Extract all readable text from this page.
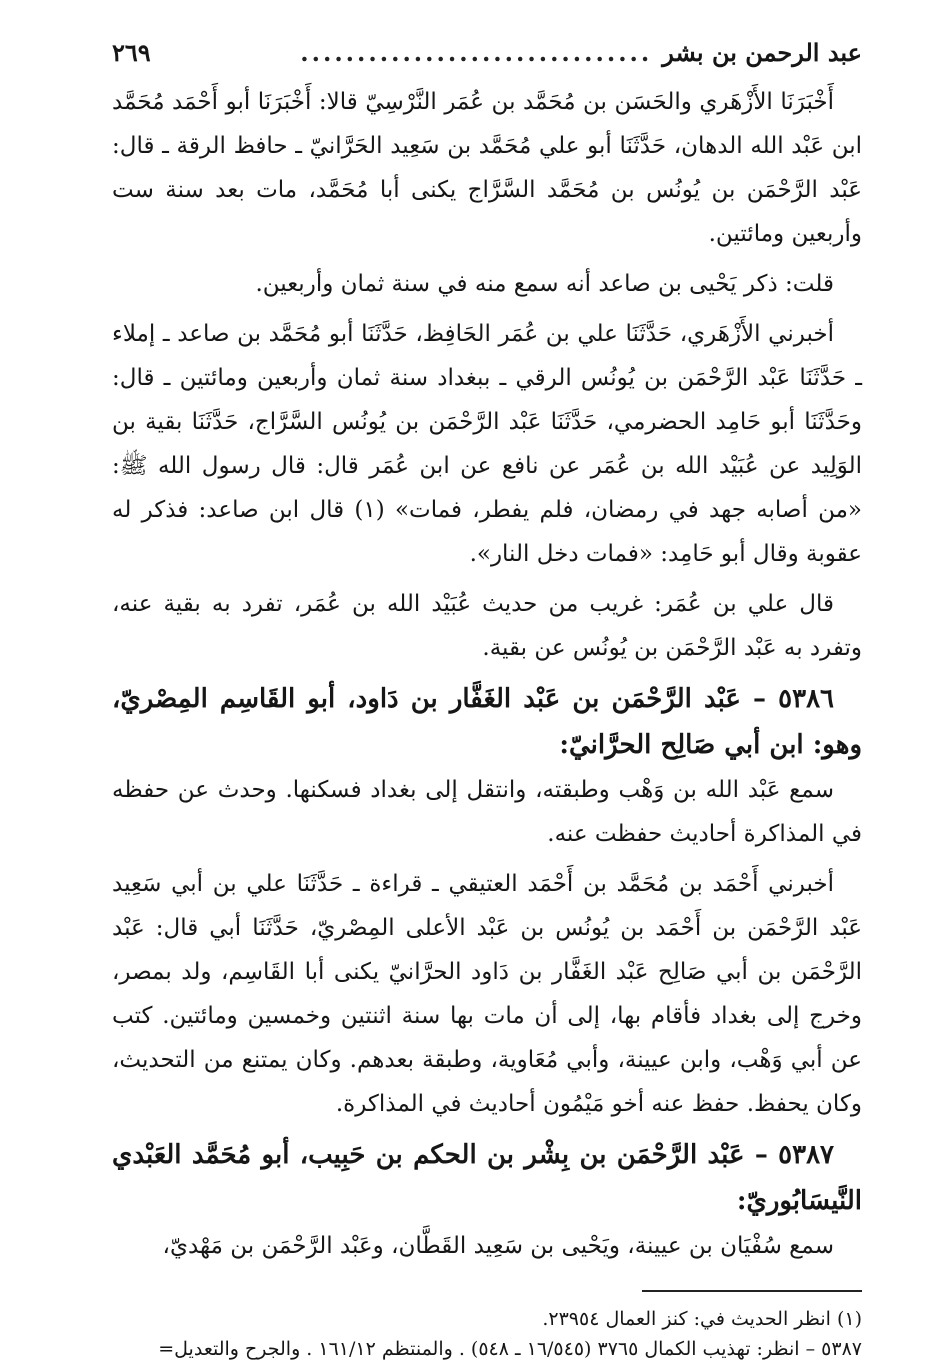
عبد الرحمن بن بشر
...............................
٢٦٩

أَخْبَرَنَا الأَزْهَري والحَسَن بن مُحَمَّد بن عُمَر النَّرْسِيّ قالا: أَخْبَرَنَا أبو أَحْمَد مُحَمَّد ابن عَبْد الله الدهان، حَدَّثَنَا أبو علي مُحَمَّد بن سَعِيد الحَرَّانيّ ـ حافظ الرقة ـ قال: عَبْد الرَّحْمَن بن يُونُس بن مُحَمَّد السَّرَّاج يكنى أبا مُحَمَّد، مات بعد سنة ست وأربعين ومائتين.

قلت: ذكر يَحْيى بن صاعد أنه سمع منه في سنة ثمان وأربعين.

أخبرني الأَزْهَري، حَدَّثَنَا علي بن عُمَر الحَافِظ، حَدَّثَنَا أبو مُحَمَّد بن صاعد ـ إملاء ـ حَدَّثَنَا عَبْد الرَّحْمَن بن يُونُس الرقي ـ ببغداد سنة ثمان وأربعين ومائتين ـ قال: وحَدَّثَنَا أبو حَامِد الحضرمي، حَدَّثَنَا عَبْد الرَّحْمَن بن يُونُس السَّرَّاج، حَدَّثَنَا بقية بن الوَلِيد عن عُبَيْد الله بن عُمَر عن نافع عن ابن عُمَر قال: قال رسول الله ﷺ: «من أصابه جهد في رمضان، فلم يفطر، فمات» (١) قال ابن صاعد: فذكر له عقوبة وقال أبو حَامِد: «فمات دخل النار».

قال علي بن عُمَر: غريب من حديث عُبَيْد الله بن عُمَر، تفرد به بقية عنه، وتفرد به عَبْد الرَّحْمَن بن يُونُس عن بقية.

٥٣٨٦ – عَبْد الرَّحْمَن بن عَبْد الغَفَّار بن دَاود، أبو القَاسِم المِصْريّ، وهو: ابن أبي صَالِح الحرَّانيّ:

سمع عَبْد الله بن وَهْب وطبقته، وانتقل إلى بغداد فسكنها. وحدث عن حفظه في المذاكرة أحاديث حفظت عنه.

أخبرني أَحْمَد بن مُحَمَّد بن أَحْمَد العتيقي ـ قراءة ـ حَدَّثَنَا علي بن أبي سَعِيد عَبْد الرَّحْمَن بن أَحْمَد بن يُونُس بن عَبْد الأعلى المِصْريّ، حَدَّثَنَا أبي قال: عَبْد الرَّحْمَن بن أبي صَالِح عَبْد الغَفَّار بن دَاود الحرَّانيّ يكنى أبا القَاسِم، ولد بمصر، وخرج إلى بغداد فأقام بها، إلى أن مات بها سنة اثنتين وخمسين ومائتين. كتب عن أبي وَهْب، وابن عيينة، وأبي مُعَاوية، وطبقة بعدهم. وكان يمتنع من التحديث، وكان يحفظ. حفظ عنه أخو مَيْمُون أحاديث في المذاكرة.

٥٣٨٧ – عَبْد الرَّحْمَن بن بِشْر بن الحكم بن حَبِيب، أبو مُحَمَّد العَبْدي النَّيسَابُوريّ:

سمع سُفْيَان بن عيينة، ويَحْيى بن سَعِيد القَطَّان، وعَبْد الرَّحْمَن بن مَهْديّ،

(١) انظر الحديث في: كنز العمال ٢٣٩٥٤.

٥٣٨٧ – انظر: تهذيب الكمال ٣٧٦٥ (١٦/٥٤٥ ـ ٥٤٨) . والمنتظم ١٦١/١٢ . والجرح والتعديل=
